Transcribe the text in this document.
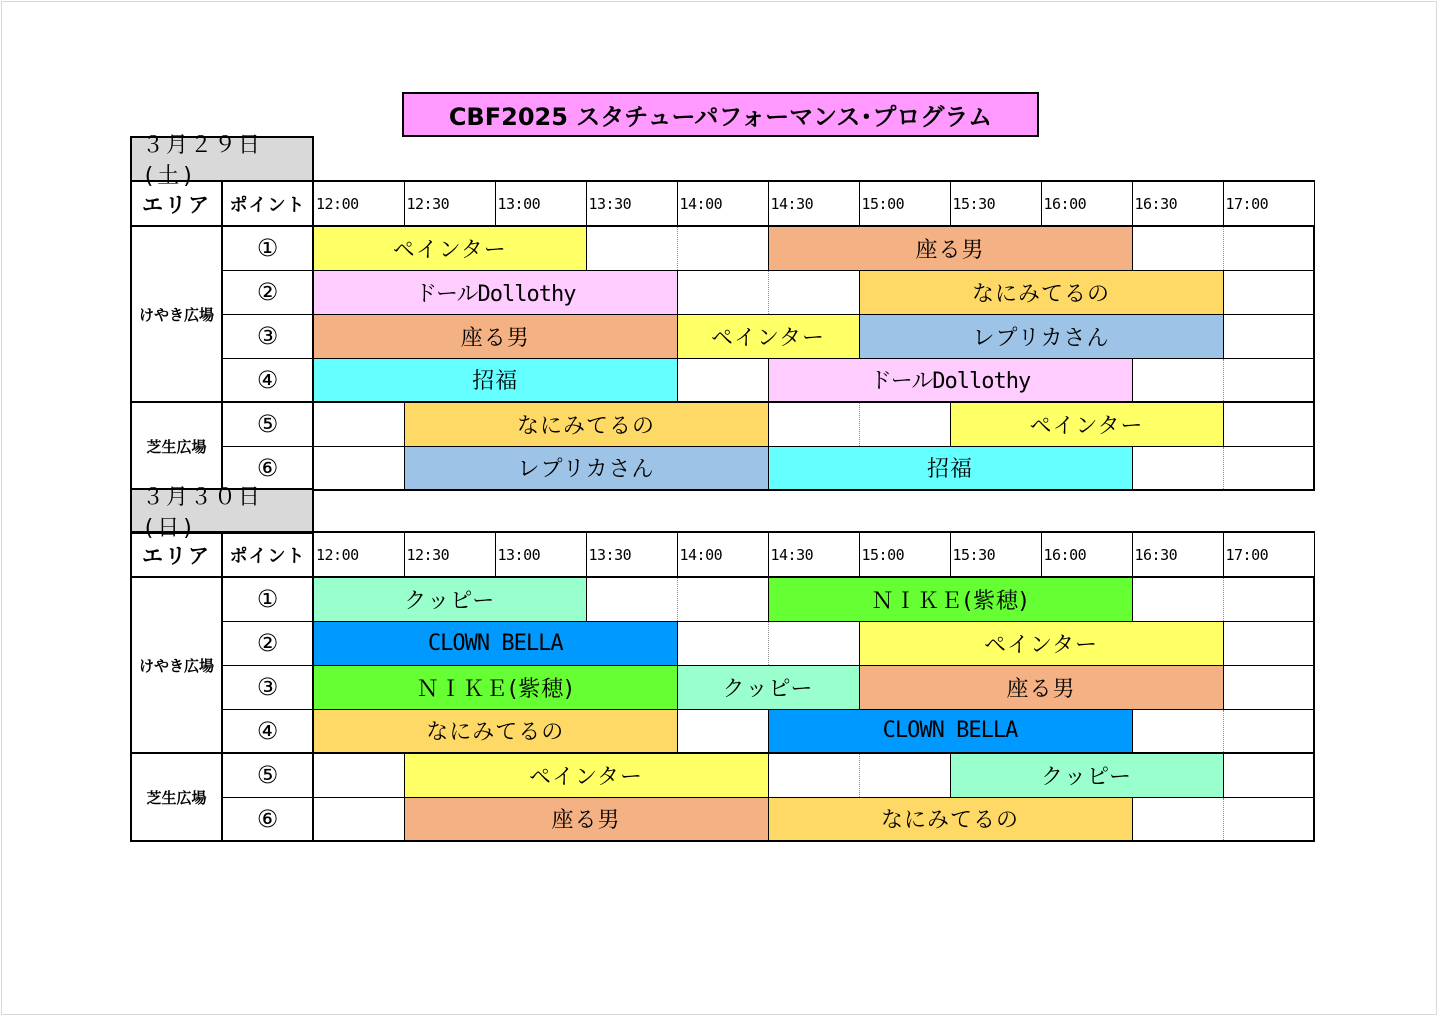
CBF2025 スタチューパフォーマンス･プログラム
３月２９日(土)
エリア	ポイント	12:00	12:30	13:00	13:30	14:00	14:30	15:00	15:30	16:00	16:30	17:00
けやき広場	①	ペインター					座る男					
	②	ドールDollothy						なにみてるの				
	③	座る男				ペインター		レプリカさん				
	④	招福					ドールDollothy					
芝生広場	⑤		なにみてるの						ペインター			
	⑥		レプリカさん				招福					
３月３０日(日)
エリア	ポイント	12:00	12:30	13:00	13:30	14:00	14:30	15:00	15:30	16:00	16:30	17:00
けやき広場	①	クッピー					ＮＩＫＥ(紫穂)					
	②	CLOWN BELLA						ペインター				
	③	ＮＩＫＥ(紫穂)				クッピー		座る男				
	④	なにみてるの					CLOWN BELLA					
芝生広場	⑤		ペインター						クッピー			
	⑥		座る男				なにみてるの					
